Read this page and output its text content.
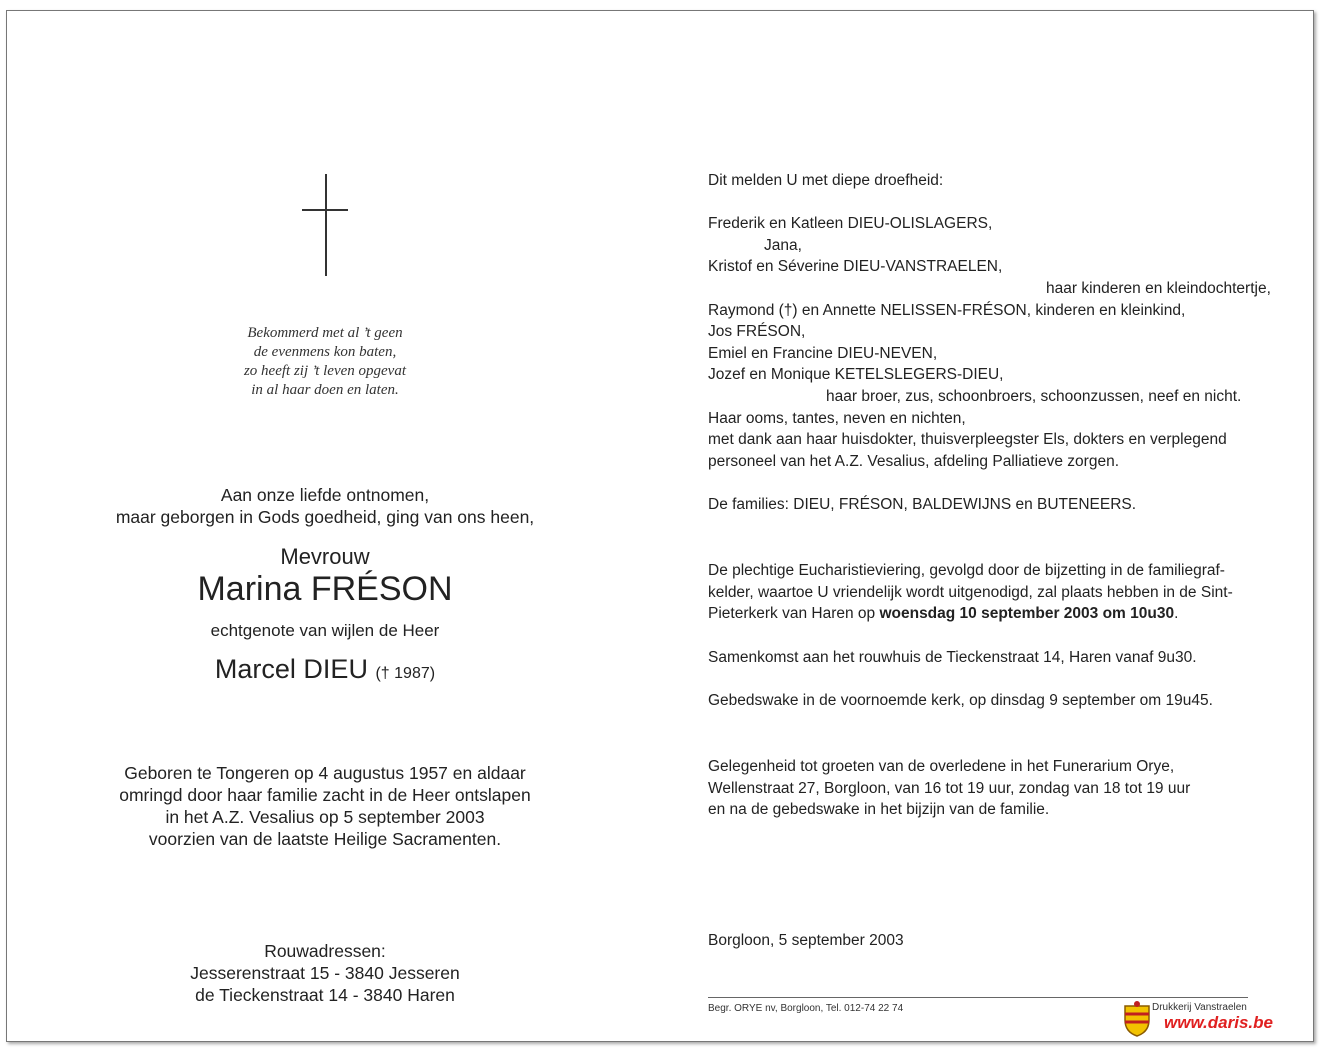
Bekommerd met al ’t geen
de evenmens kon baten,
zo heeft zij ’t leven opgevat
in al haar doen en laten.
Aan onze liefde ontnomen,
maar geborgen in Gods goedheid, ging van ons heen,
Mevrouw
Marina FRÉSON
echtgenote van wijlen de Heer
Marcel DIEU († 1987)
Geboren te Tongeren op 4 augustus 1957 en aldaar
omringd door haar familie zacht in de Heer ontslapen
in het A.Z. Vesalius op 5 september 2003
voorzien van de laatste Heilige Sacramenten.
Rouwadressen:
Jesserenstraat 15 - 3840 Jesseren
de Tieckenstraat 14 - 3840 Haren
Dit melden U met diepe droefheid:
Frederik en Katleen DIEU-OLISLAGERS,
Jana,
Kristof en Séverine DIEU-VANSTRAELEN,
haar kinderen en kleindochtertje,
Raymond (†) en Annette NELISSEN-FRÉSON, kinderen en kleinkind,
Jos FRÉSON,
Emiel en Francine DIEU-NEVEN,
Jozef en Monique KETELSLEGERS-DIEU,
haar broer, zus, schoonbroers, schoonzussen, neef en nicht.
Haar ooms, tantes, neven en nichten,
met dank aan haar huisdokter, thuisverpleegster Els, dokters en verplegend
personeel van het A.Z. Vesalius, afdeling Palliatieve zorgen.
De families: DIEU, FRÉSON, BALDEWIJNS en BUTENEERS.
De plechtige Eucharistieviering, gevolgd door de bijzetting in de familiegraf-
kelder, waartoe U vriendelijk wordt uitgenodigd, zal plaats hebben in de Sint-
Pieterkerk van Haren op woensdag 10 september 2003 om 10u30.
Samenkomst aan het rouwhuis de Tieckenstraat 14, Haren vanaf 9u30.
Gebedswake in de voornoemde kerk, op dinsdag 9 september om 19u45.
Gelegenheid tot groeten van de overledene in het Funerarium Orye,
Wellenstraat 27, Borgloon, van 16 tot 19 uur, zondag van 18 tot 19 uur
en na de gebedswake in het bijzijn van de familie.
Borgloon, 5 september 2003
Begr. ORYE nv, Borgloon, Tel. 012-74 22 74	Drukkerij Vanstraelen
www.daris.be
